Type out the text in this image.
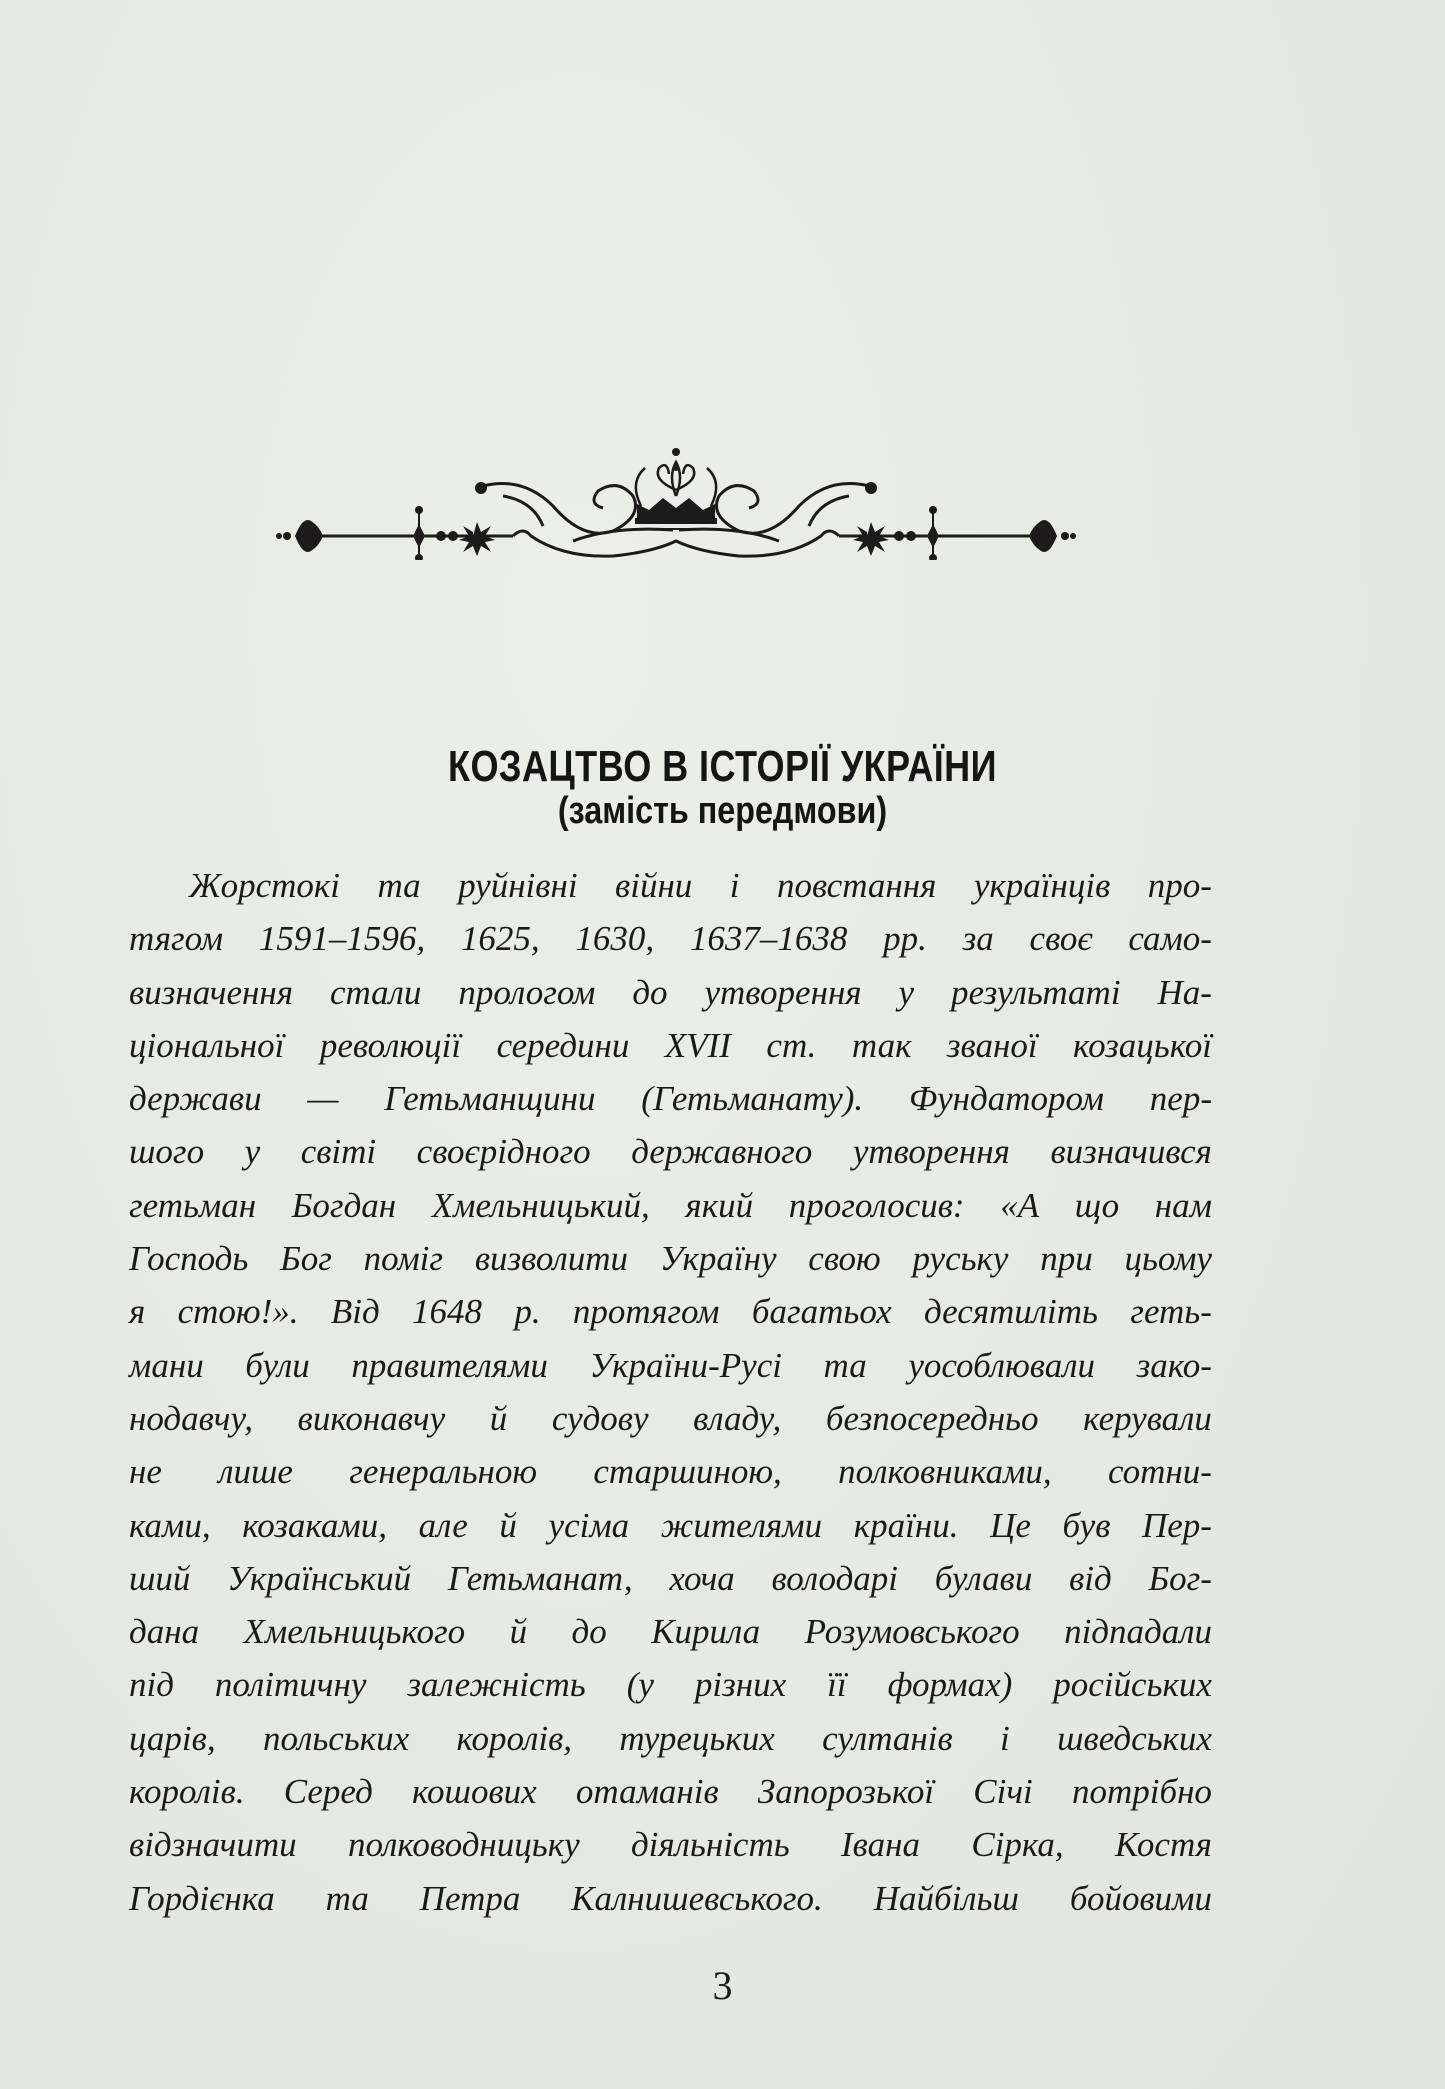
КОЗАЦТВО В ІСТОРІЇ УКРАЇНИ
(замість передмови)
Жорстокі та руйнівні війни і повстання українців про-
тягом 1591–1596, 1625, 1630, 1637–1638 рр. за своє само-
визначення стали прологом до утворення у результаті На-
ціональної революції середини XVII ст. так званої козацької
держави — Гетьманщини (Гетьманату). Фундатором пер-
шого у світі своєрідного державного утворення визначився
гетьман Богдан Хмельницький, який проголосив: «А що нам
Господь Бог поміг визволити Україну свою руську при цьому
я стою!». Від 1648 р. протягом багатьох десятиліть геть-
мани були правителями України-Русі та уособлювали зако-
нодавчу, виконавчу й судову владу, безпосередньо керували
не лише генеральною старшиною, полковниками, сотни-
ками, козаками, але й усіма жителями країни. Це був Пер-
ший Український Гетьманат, хоча володарі булави від Бог-
дана Хмельницького й до Кирила Розумовського підпадали
під політичну залежність (у різних її формах) російських
царів, польських королів, турецьких султанів і шведських
королів. Серед кошових отаманів Запорозької Січі потрібно
відзначити полководницьку діяльність Івана Сірка, Костя
Гордієнка та Петра Калнишевського. Найбільш бойовими
3
